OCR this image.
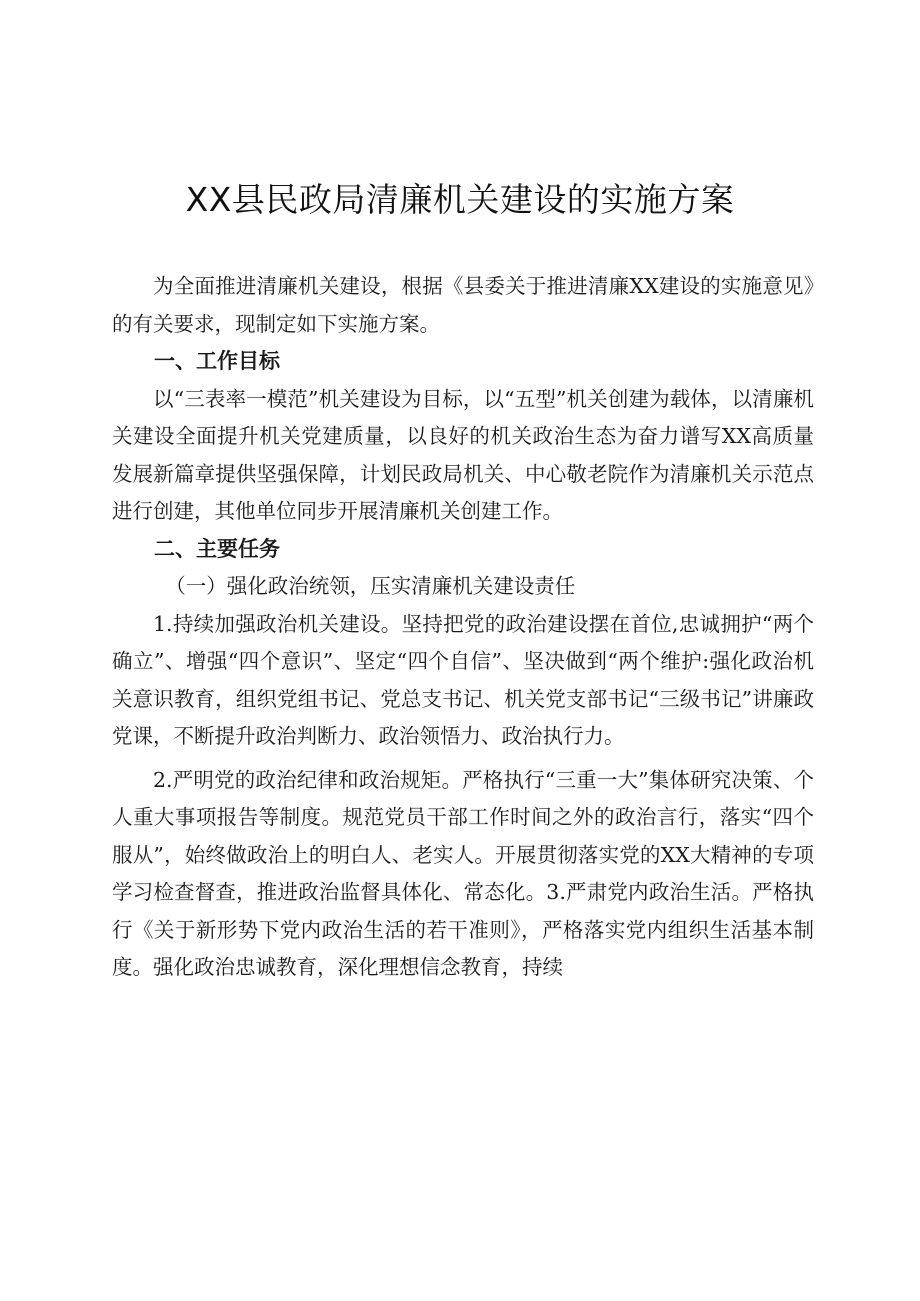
XX县民政局清廉机关建设的实施方案

为全面推进清廉机关建设，根据《县委关于推进清廉XX建设的实施意见》的有关要求，现制定如下实施方案。

一、工作目标

以“三表率一模范”机关建设为目标，以“五型”机关创建为载体，以清廉机关建设全面提升机关党建质量，以良好的机关政治生态为奋力谱写XX高质量发展新篇章提供坚强保障，计划民政局机关、中心敬老院作为清廉机关示范点进行创建，其他单位同步开展清廉机关创建工作。

二、主要任务

（一）强化政治统领，压实清廉机关建设责任

1.持续加强政治机关建设。坚持把党的政治建设摆在首位,忠诚拥护“两个确立”、增强“四个意识”、坚定“四个自信”、坚决做到“两个维护:强化政治机关意识教育，组织党组书记、党总支书记、机关党支部书记“三级书记”讲廉政党课，不断提升政治判断力、政治领悟力、政治执行力。

2.严明党的政治纪律和政治规矩。严格执行“三重一大”集体研究决策、个人重大事项报告等制度。规范党员干部工作时间之外的政治言行，落实“四个服从”，始终做政治上的明白人、老实人。开展贯彻落实党的XX大精神的专项学习检查督查，推进政治监督具体化、常态化。3.严肃党内政治生活。严格执行《关于新形势下党内政治生活的若干准则》，严格落实党内组织生活基本制度。强化政治忠诚教育，深化理想信念教育，持续
